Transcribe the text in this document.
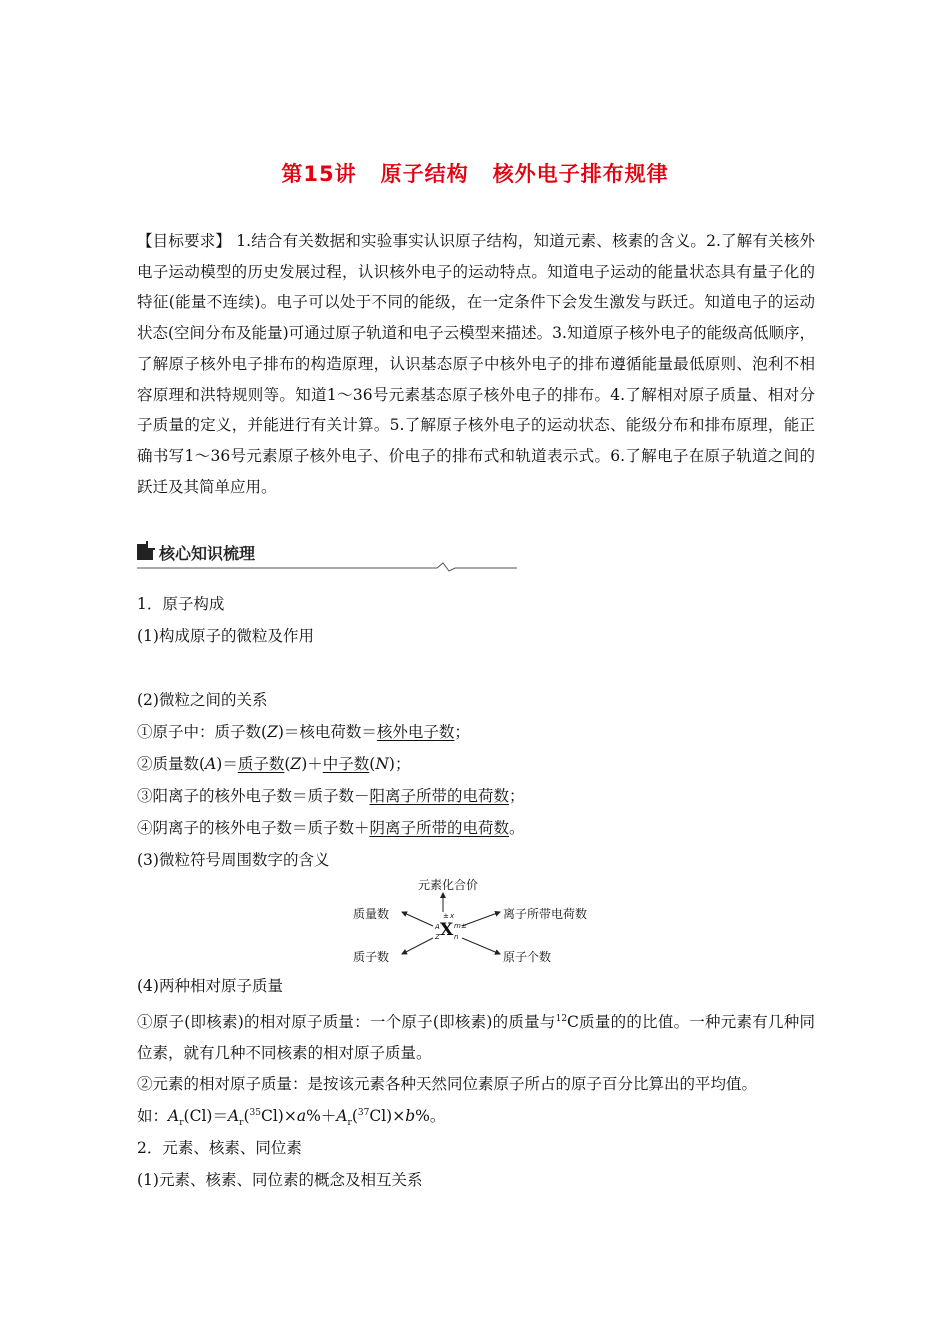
第15讲 原子结构 核外电子排布规律
【目标要求】 1.结合有关数据和实验事实认识原子结构，知道元素、核素的含义。2.了解有关核外电子运动模型的历史发展过程，认识核外电子的运动特点。知道电子运动的能量状态具有量子化的特征(能量不连续)。电子可以处于不同的能级，在一定条件下会发生激发与跃迁。知道电子的运动状态(空间分布及能量)可通过原子轨道和电子云模型来描述。3.知道原子核外电子的能级高低顺序，了解原子核外电子排布的构造原理，认识基态原子中核外电子的排布遵循能量最低原则、泡利不相容原理和洪特规则等。知道1～36号元素基态原子核外电子的排布。4.了解相对原子质量、相对分子质量的定义，并能进行有关计算。5.了解原子核外电子的运动状态、能级分布和排布原理，能正确书写1～36号元素原子核外电子、价电子的排布式和轨道表示式。6.了解电子在原子轨道之间的跃迁及其简单应用。
核心知识梳理
1．原子构成
(1)构成原子的微粒及作用
(2)微粒之间的关系
①原子中：质子数(Z)＝核电荷数＝核外电子数；
②质量数(A)＝质子数(Z)＋中子数(N)；
③阳离子的核外电子数＝质子数－阳离子所带的电荷数；
④阴离子的核外电子数＝质子数＋阴离子所带的电荷数。
(3)微粒符号周围数字的含义
元素化合价
质量数
质子数
离子所带电荷数
原子个数
± x
A
Z X m±
n
(4)两种相对原子质量
①原子(即核素)的相对原子质量：一个原子(即核素)的质量与$^{12}$C质量的的比值。一种元素有几种同位素，就有几种不同核素的相对原子质量。
②元素的相对原子质量：是按该元素各种天然同位素原子所占的原子百分比算出的平均值。
如：$A_r(Cl)=A_r(^{35}Cl)\times a\%+A_r(^{37}Cl)\times b\%$。
2．元素、核素、同位素
(1)元素、核素、同位素的概念及相互关系
